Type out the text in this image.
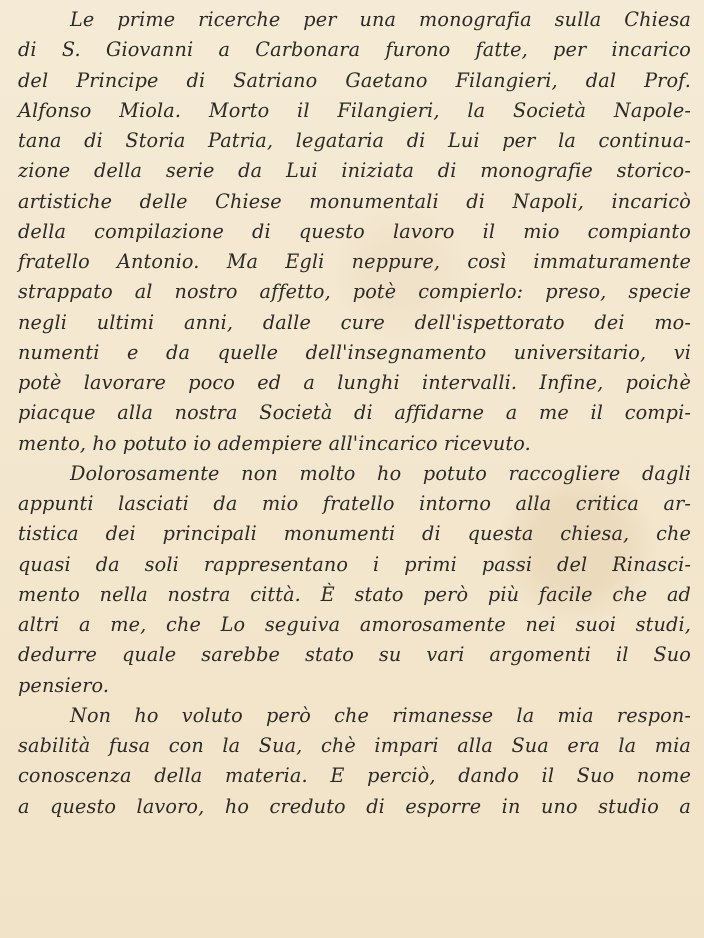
Le prime ricerche per una monografia sulla Chiesa
di S. Giovanni a Carbonara furono fatte, per incarico
del Principe di Satriano Gaetano Filangieri, dal Prof.
Alfonso Miola. Morto il Filangieri, la Società Napole-
tana di Storia Patria, legataria di Lui per la continua-
zione della serie da Lui iniziata di monografie storico-
artistiche delle Chiese monumentali di Napoli, incaricò
della compilazione di questo lavoro il mio compianto
fratello Antonio. Ma Egli neppure, così immaturamente
strappato al nostro affetto, potè compierlo: preso, specie
negli ultimi anni, dalle cure dell'ispettorato dei mo-
numenti e da quelle dell'insegnamento universitario, vi
potè lavorare poco ed a lunghi intervalli. Infine, poichè
piacque alla nostra Società di affidarne a me il compi-
mento, ho potuto io adempiere all'incarico ricevuto.
Dolorosamente non molto ho potuto raccogliere dagli
appunti lasciati da mio fratello intorno alla critica ar-
tistica dei principali monumenti di questa chiesa, che
quasi da soli rappresentano i primi passi del Rinasci-
mento nella nostra città. È stato però più facile che ad
altri a me, che Lo seguiva amorosamente nei suoi studi,
dedurre quale sarebbe stato su vari argomenti il Suo
pensiero.
Non ho voluto però che rimanesse la mia respon-
sabilità fusa con la Sua, chè impari alla Sua era la mia
conoscenza della materia. E perciò, dando il Suo nome
a questo lavoro, ho creduto di esporre in uno studio a
